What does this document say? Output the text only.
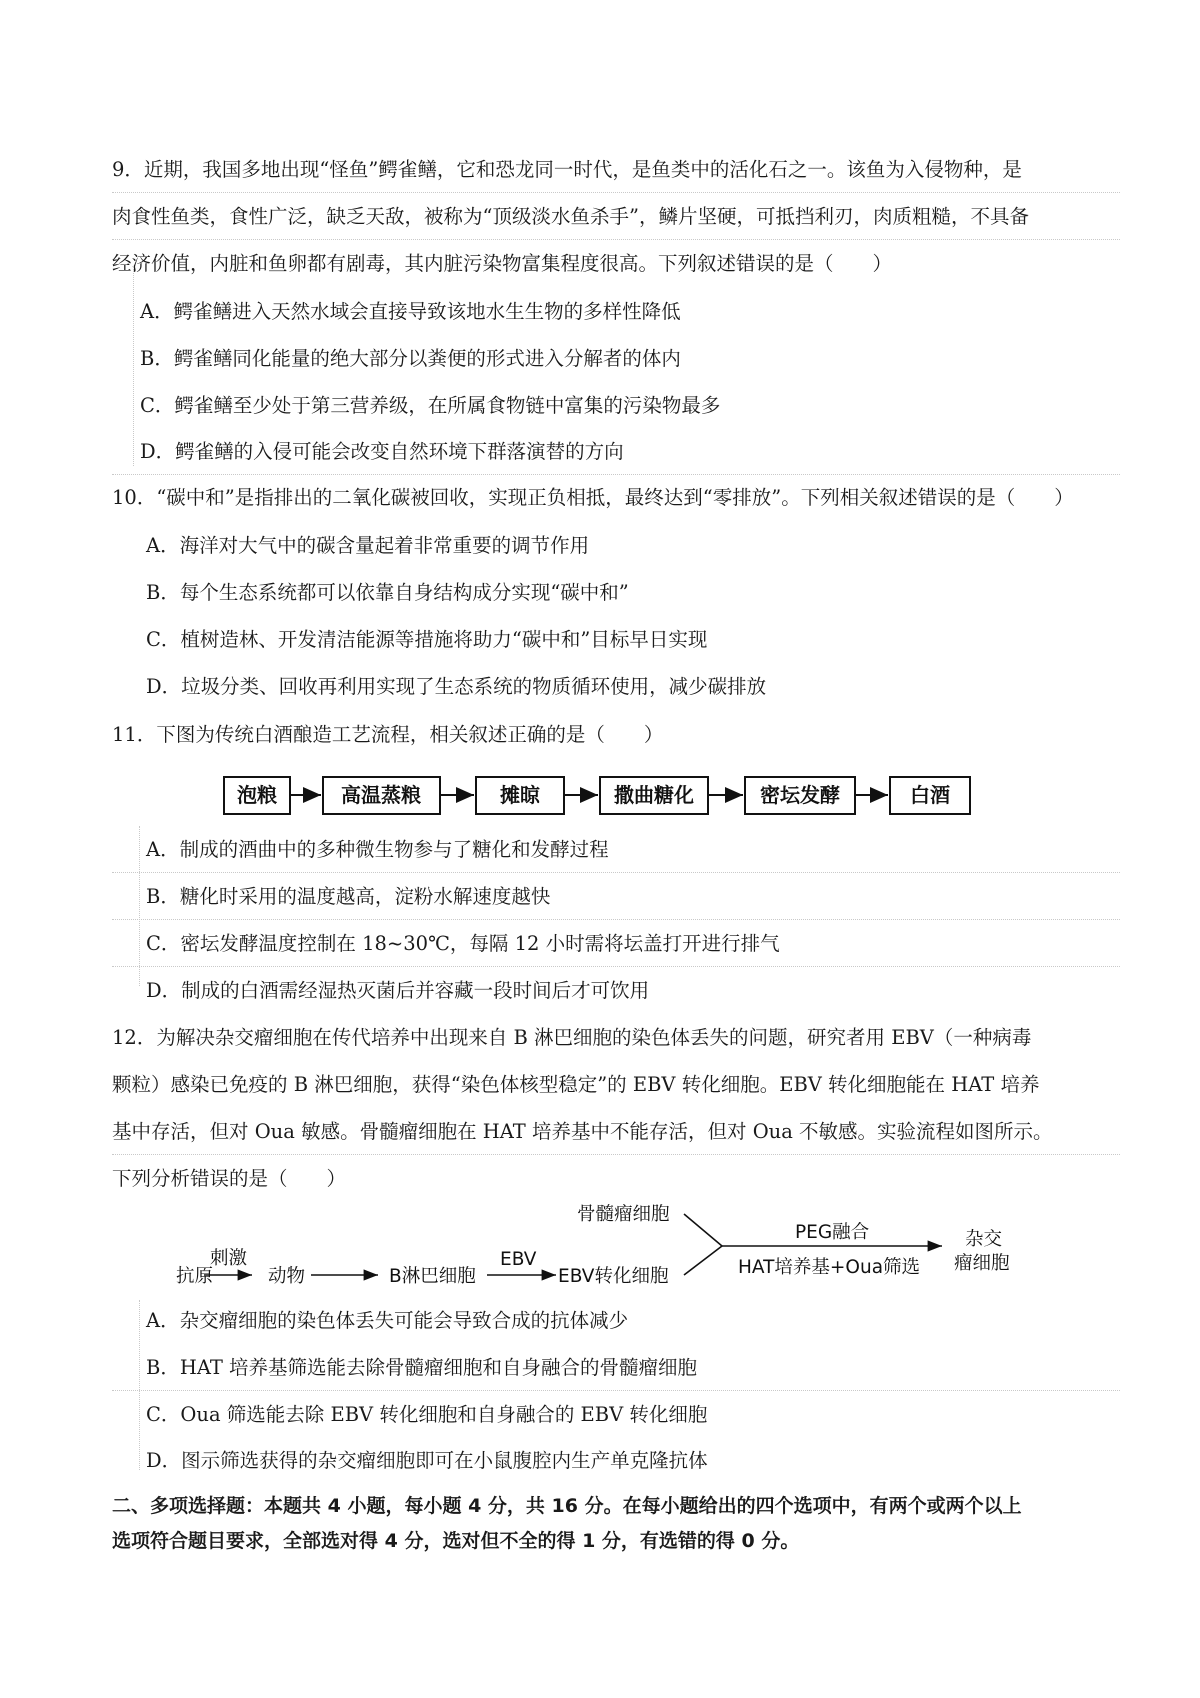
9．近期，我国多地出现“怪鱼”鳄雀鳝，它和恐龙同一时代，是鱼类中的活化石之一。该鱼为入侵物种，是
肉食性鱼类，食性广泛，缺乏天敌，被称为“顶级淡水鱼杀手”，鳞片坚硬，可抵挡利刃，肉质粗糙，不具备
经济价值，内脏和鱼卵都有剧毒，其内脏污染物富集程度很高。下列叙述错误的是（　　）
A．鳄雀鳝进入天然水域会直接导致该地水生生物的多样性降低
B．鳄雀鳝同化能量的绝大部分以粪便的形式进入分解者的体内
C．鳄雀鳝至少处于第三营养级，在所属食物链中富集的污染物最多
D．鳄雀鳝的入侵可能会改变自然环境下群落演替的方向
10．“碳中和”是指排出的二氧化碳被回收，实现正负相抵，最终达到“零排放”。下列相关叙述错误的是（　　）
A．海洋对大气中的碳含量起着非常重要的调节作用
B．每个生态系统都可以依靠自身结构成分实现“碳中和”
C．植树造林、开发清洁能源等措施将助力“碳中和”目标早日实现
D．垃圾分类、回收再利用实现了生态系统的物质循环使用，减少碳排放
11．下图为传统白酒酿造工艺流程，相关叙述正确的是（　　）
泡粮	高温蒸粮	摊晾	撒曲糖化	密坛发酵	白酒
A．制成的酒曲中的多种微生物参与了糖化和发酵过程
B．糖化时采用的温度越高，淀粉水解速度越快
C．密坛发酵温度控制在 18~30℃，每隔 12 小时需将坛盖打开进行排气
D．制成的白酒需经湿热灭菌后并容藏一段时间后才可饮用
12．为解决杂交瘤细胞在传代培养中出现来自 B 淋巴细胞的染色体丢失的问题，研究者用 EBV（一种病毒
颗粒）感染已免疫的 B 淋巴细胞，获得“染色体核型稳定”的 EBV 转化细胞。EBV 转化细胞能在 HAT 培养
基中存活，但对 Oua 敏感。骨髓瘤细胞在 HAT 培养基中不能存活，但对 Oua 不敏感。实验流程如图所示。
下列分析错误的是（　　）
抗原
刺激
动物	B淋巴细胞
EBV
EBV转化细胞
骨髓瘤细胞
PEG融合
HAT培养基+Oua筛选
杂交
瘤细胞
A．杂交瘤细胞的染色体丢失可能会导致合成的抗体减少
B．HAT 培养基筛选能去除骨髓瘤细胞和自身融合的骨髓瘤细胞
C．Oua 筛选能去除 EBV 转化细胞和自身融合的 EBV 转化细胞
D．图示筛选获得的杂交瘤细胞即可在小鼠腹腔内生产单克隆抗体
二、多项选择题：本题共 4 小题，每小题 4 分，共 16 分。在每小题给出的四个选项中，有两个或两个以上
选项符合题目要求，全部选对得 4 分，选对但不全的得 1 分，有选错的得 0 分。
